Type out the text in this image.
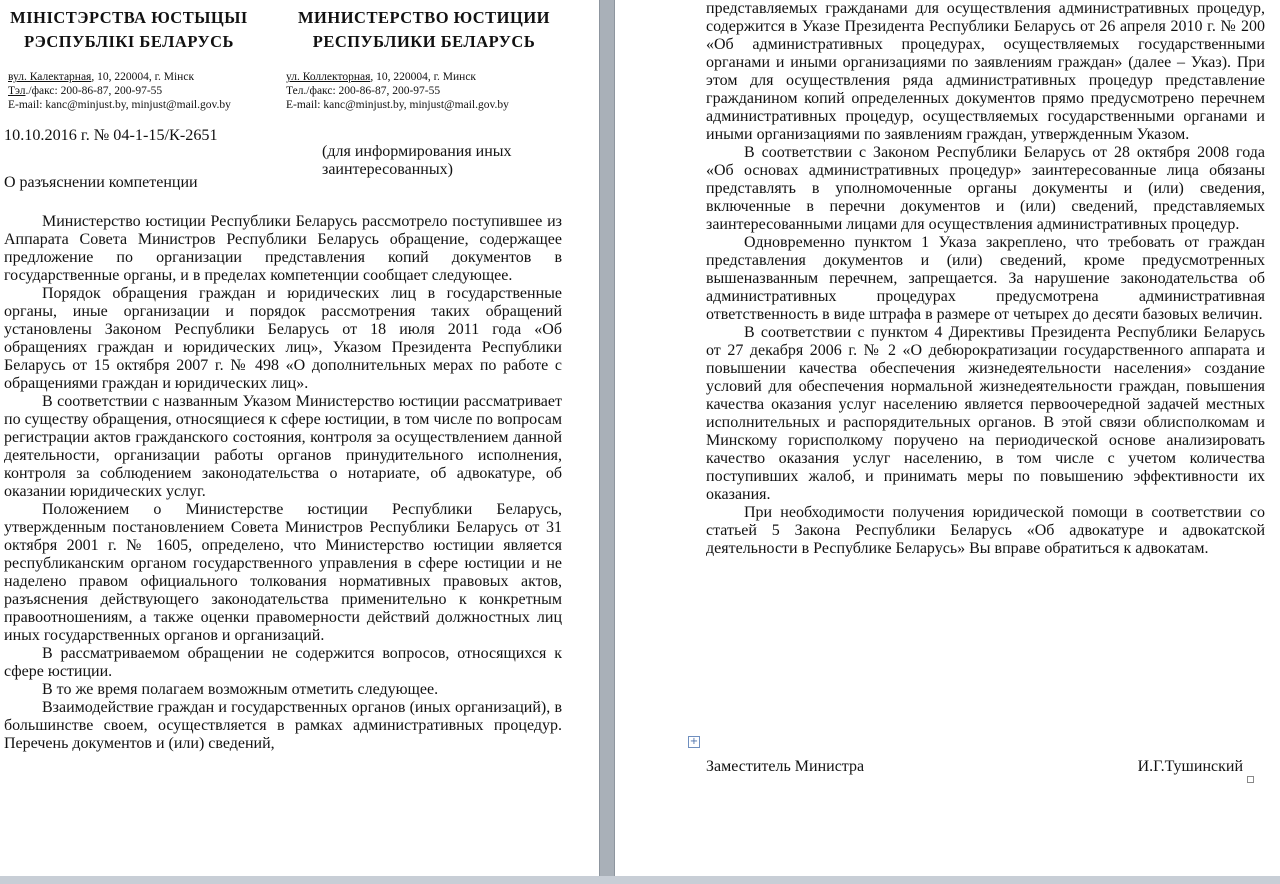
МІНІСТЭРСТВА ЮСТЫЦЫІ
РЭСПУБЛІКІ БЕЛАРУСЬ
вул. Калектарная, 10, 220004, г. Мінск
Тэл./факс: 200-86-87, 200-97-55
E-mail: kanc@minjust.by, minjust@mail.gov.by
МИНИСТЕРСТВО ЮСТИЦИИ
РЕСПУБЛИКИ БЕЛАРУСЬ
ул. Коллекторная, 10, 220004, г. Минск
Тел./факс: 200-86-87, 200-97-55
E-mail: kanc@minjust.by, minjust@mail.gov.by
10.10.2016 г. № 04-1-15/К-2651
(для информирования иных
заинтересованных)
О разъяснении компетенции

Министерство юстиции Республики Беларусь рассмотрело поступившее из Аппарата Совета Министров Республики Беларусь обращение, содержащее предложение по организации представления копий документов в государственные органы, и в пределах компетенции сообщает следующее.

Порядок обращения граждан и юридических лиц в государственные органы, иные организации и порядок рассмотрения таких обращений установлены Законом Республики Беларусь от 18 июля 2011 года «Об обращениях граждан и юридических лиц», Указом Президента Республики Беларусь от 15 октября 2007 г. № 498 «О дополнительных мерах по работе с обращениями граждан и юридических лиц».

В соответствии с названным Указом Министерство юстиции рассматривает по существу обращения, относящиеся к сфере юстиции, в том числе по вопросам регистрации актов гражданского состояния, контроля за осуществлением данной деятельности, организации работы органов принудительного исполнения, контроля за соблюдением законодательства о нотариате, об адвокатуре, об оказании юридических услуг.

Положением о Министерстве юстиции Республики Беларусь, утвержденным постановлением Совета Министров Республики Беларусь от 31 октября 2001 г. № 1605, определено, что Министерство юстиции является республиканским органом государственного управления в сфере юстиции и не наделено правом официального толкования нормативных правовых актов, разъяснения действующего законодательства применительно к конкретным правоотношениям, а также оценки правомерности действий должностных лиц иных государственных органов и организаций.

В рассматриваемом обращении не содержится вопросов, относящихся к сфере юстиции.

В то же время полагаем возможным отметить следующее.

Взаимодействие граждан и государственных органов (иных организаций), в большинстве своем, осуществляется в рамках административных процедур. Перечень документов и (или) сведений,

представляемых гражданами для осуществления административных процедур, содержится в Указе Президента Республики Беларусь от 26 апреля 2010 г. № 200 «Об административных процедурах, осуществляемых государственными органами и иными организациями по заявлениям граждан» (далее – Указ). При этом для осуществления ряда административных процедур представление гражданином копий определенных документов прямо предусмотрено перечнем административных процедур, осуществляемых государственными органами и иными организациями по заявлениям граждан, утвержденным Указом.

В соответствии с Законом Республики Беларусь от 28 октября 2008 года «Об основах административных процедур» заинтересованные лица обязаны представлять в уполномоченные органы документы и (или) сведения, включенные в перечни документов и (или) сведений, представляемых заинтересованными лицами для осуществления административных процедур.

Одновременно пунктом 1 Указа закреплено, что требовать от граждан представления документов и (или) сведений, кроме предусмотренных вышеназванным перечнем, запрещается. За нарушение законодательства об административных процедурах предусмотрена административная ответственность в виде штрафа в размере от четырех до десяти базовых величин.

В соответствии с пунктом 4 Директивы Президента Республики Беларусь от 27 декабря 2006 г. № 2 «О дебюрократизации государственного аппарата и повышении качества обеспечения жизнедеятельности населения» создание условий для обеспечения нормальной жизнедеятельности граждан, повышения качества оказания услуг населению является первоочередной задачей местных исполнительных и распорядительных органов. В этой связи облисполкомам и Минскому горисполкому поручено на периодической основе анализировать качество оказания услуг населению, в том числе с учетом количества поступивших жалоб, и принимать меры по повышению эффективности их оказания.

При необходимости получения юридической помощи в соответствии со статьей 5 Закона Республики Беларусь «Об адвокатуре и адвокатской деятельности в Республике Беларусь» Вы вправе обратиться к адвокатам.

+
Заместитель Министра	И.Г.Тушинский
